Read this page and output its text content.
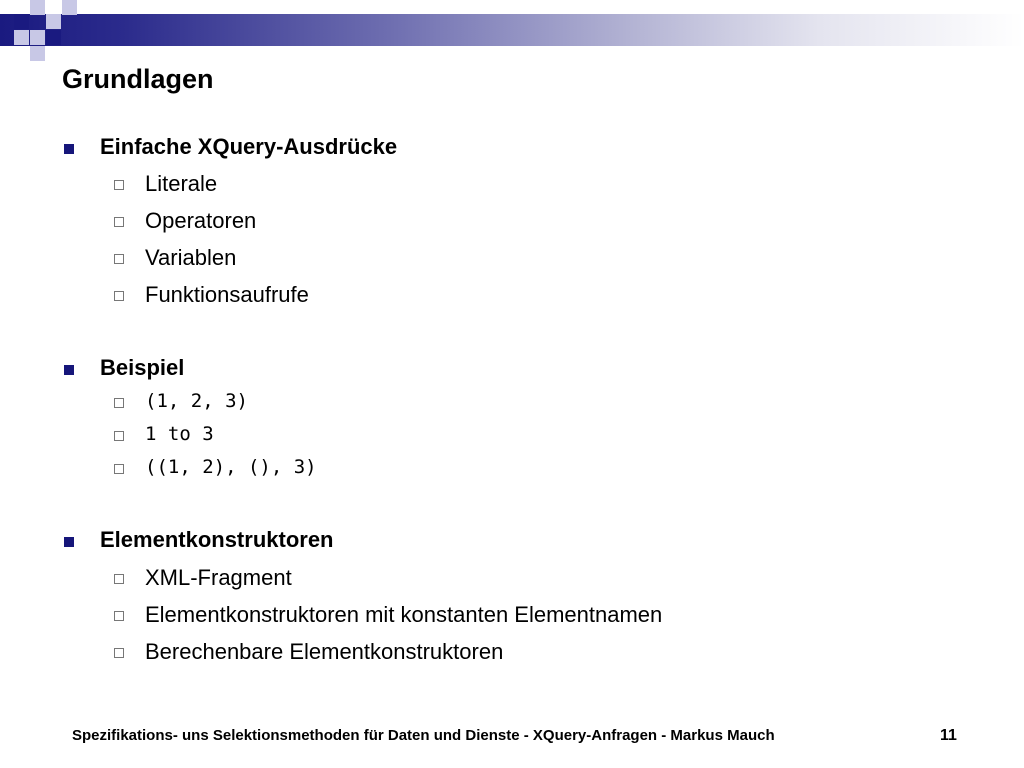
Grundlagen
Einfache XQuery-Ausdrücke
Literale
Operatoren
Variablen
Funktionsaufrufe
Beispiel
(1, 2, 3)
1 to 3
((1, 2), (), 3)
Elementkonstruktoren
XML-Fragment
Elementkonstruktoren mit konstanten Elementnamen
Berechenbare Elementkonstruktoren
Spezifikations- uns Selektionsmethoden für Daten und Dienste - XQuery-Anfragen - Markus Mauch	11
